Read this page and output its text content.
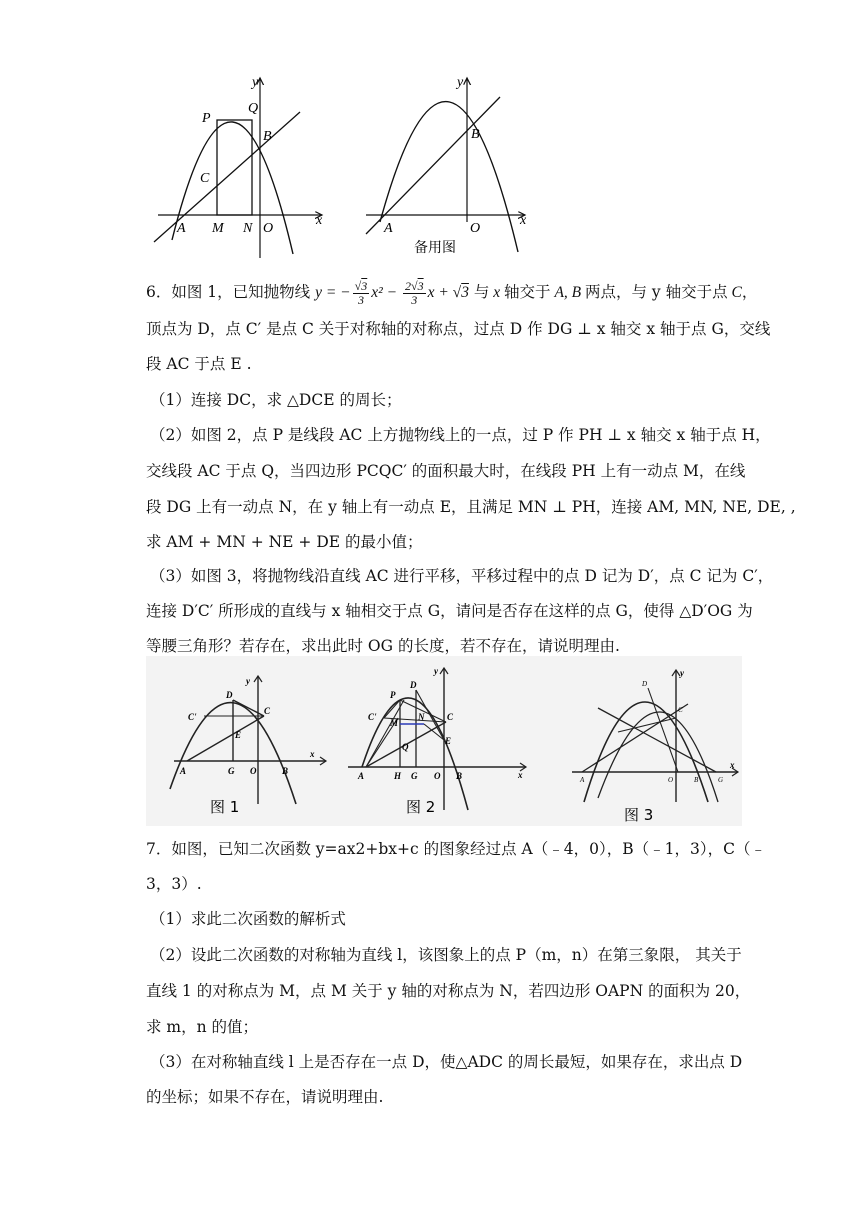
y
x
P
Q
B
C
A M N O
y
x
B
A	O
备用图
6．如图 1，已知抛物线 y = − $\frac{√3}{3} x^2 - \frac{2√3}{3}$ x + √3 与 x 轴交于 A, B 两点，与 y 轴交于点 C，
顶点为 D，点 C′ 是点 C 关于对称轴的对称点，过点 D 作 DG ⊥ x 轴交 x 轴于点 G，交线
段 AC 于点 E .
（1）连接 DC，求 △DCE 的周长；
（2）如图 2，点 P 是线段 AC 上方抛物线上的一点，过 P 作 PH ⊥ x 轴交 x 轴于点 H，
交线段 AC 于点 Q，当四边形 PCQC′ 的面积最大时，在线段 PH 上有一动点 M，在线
段 DG 上有一动点 N，在 y 轴上有一动点 E，且满足 MN ⊥ PH，连接 AM, MN, NE, DE, ,
求 AM + MN + NE + DE 的最小值；
（3）如图 3，将抛物线沿直线 AC 进行平移，平移过程中的点 D 记为 D′，点 C 记为 C′，
连接 D′C′ 所形成的直线与 x 轴相交于点 G，请问是否存在这样的点 G，使得 △D′OG 为
等腰三角形？若存在，求出此时 OG 的长度，若不存在，请说明理由.
D
C'
C
E
A	G O	B
x
y
图 1
P
D
C'
M
N	C
E
Q
A	H G O B	x
y
图 2
D
C
A	O	B	G
y
x
图 3
7．如图，已知二次函数 y=ax2+bx+c 的图象经过点 A（﹣4，0），B（﹣1，3），C（﹣
3，3）.
（1）求此二次函数的解析式
（2）设此二次函数的对称轴为直线 l，该图象上的点 P（m，n）在第三象限， 其关于
直线 1 的对称点为 M，点 M 关于 y 轴的对称点为 N，若四边形 OAPN 的面积为 20，
求 m，n 的值；
（3）在对称轴直线 l 上是否存在一点 D，使△ADC 的周长最短，如果存在，求出点 D
的坐标；如果不存在，请说明理由.
